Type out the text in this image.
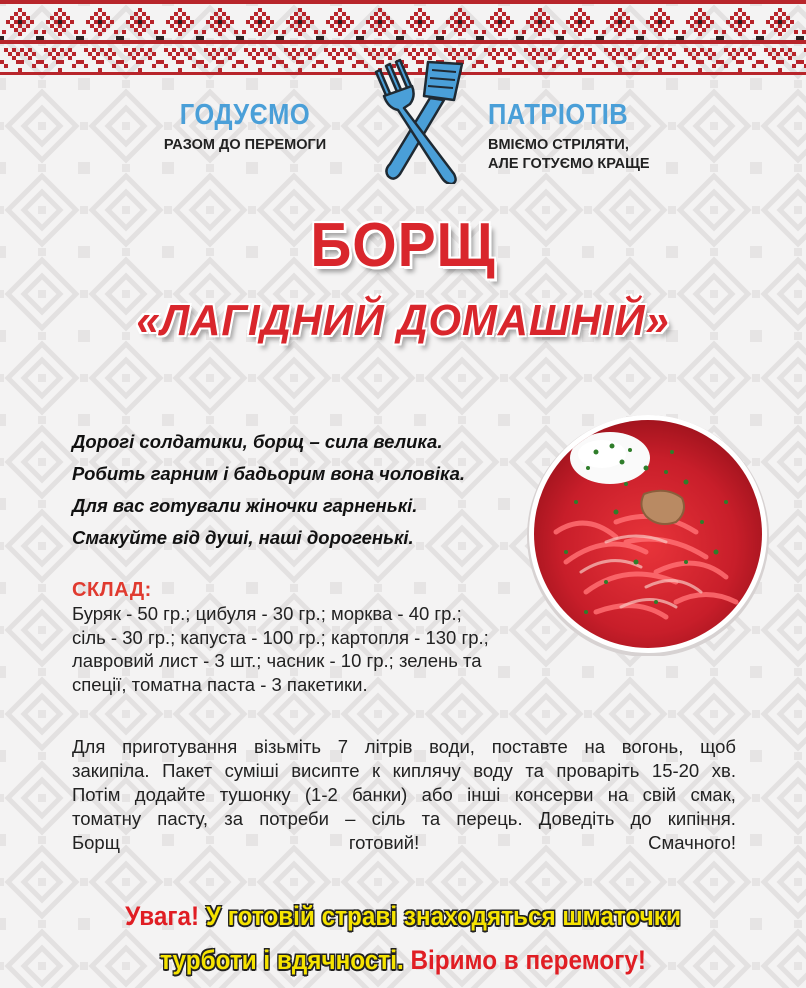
ГОДУЄМО
РАЗОМ ДО ПЕРЕМОГИ
ПАТРІОТІВ
ВМІЄМО СТРІЛЯТИ,
АЛЕ ГОТУЄМО КРАЩЕ
БОРЩ
«ЛАГІДНИЙ ДОМАШНІЙ»
Дорогі солдатики, борщ – сила велика.
Робить гарним і бадьорим вона чоловіка.
Для вас готували жіночки гарненькі.
Смакуйте від душі, наші дорогенькі.
СКЛАД:
Буряк - 50 гр.; цибуля - 30 гр.; морква - 40 гр.;
сіль - 30 гр.; капуста - 100 гр.; картопля - 130 гр.;
лавровий лист - 3 шт.; часник - 10 гр.; зелень та
спеції, томатна паста - 3 пакетики.
Для приготування візьміть 7 літрів води, поставте на вогонь, щоб
закипіла. Пакет суміші висипте к киплячу воду та проваріть 15-20 хв.
Потім додайте тушонку (1-2 банки) або інші консерви на свій смак,
томатну пасту, за потреби – сіль та перець. Доведіть до кипіння.
Борщ готовий! Смачного!
Увага! У готовій страві знаходяться шматочки
турботи і вдячності. Віримо в перемогу!
